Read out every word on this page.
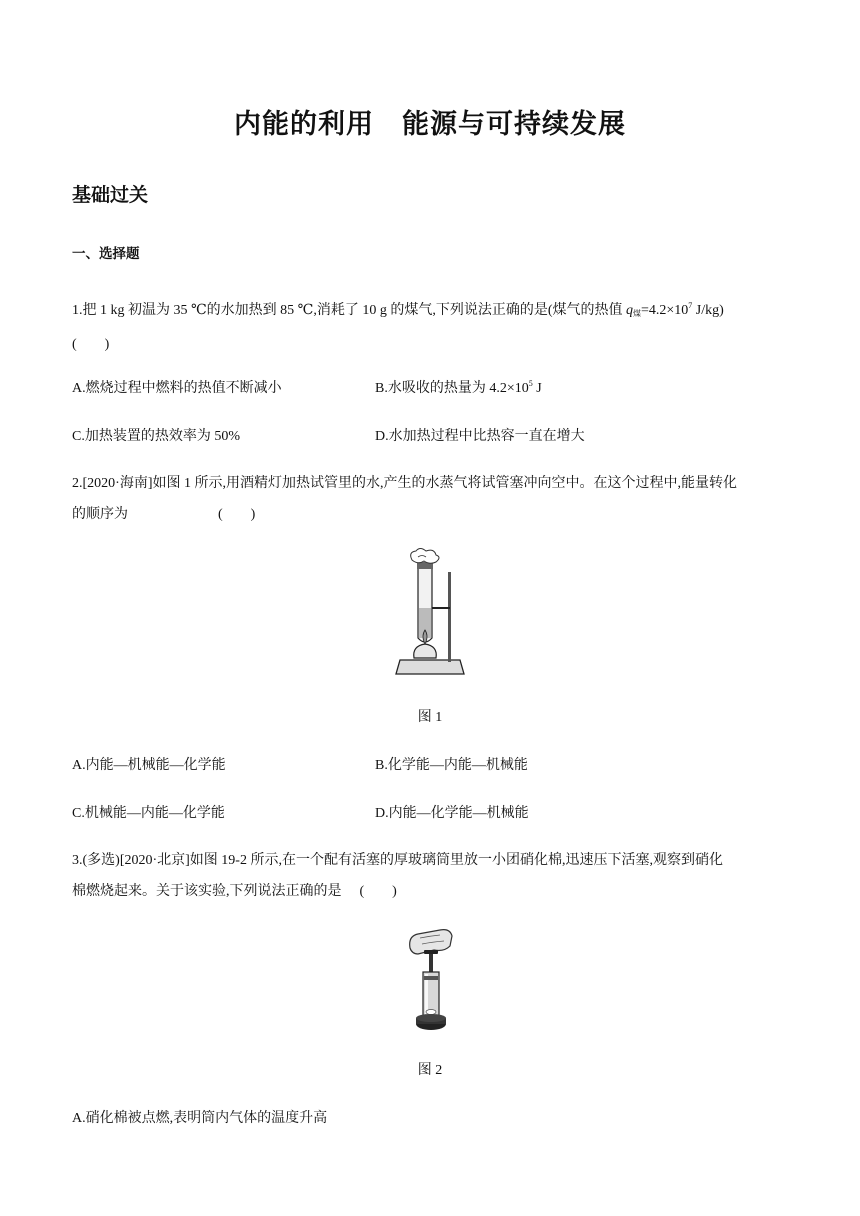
内能的利用　能源与可持续发展
基础过关
一、选择题

1.把 1 kg 初温为 35 ℃的水加热到 85 ℃,消耗了 10 g 的煤气,下列说法正确的是(煤气的热值 $q_煤=4.2\times 10^7$ J/kg)
(　　)

A.燃烧过程中燃料的热值不断减小	B.水吸收的热量为 $4.2\times 10^5$ J

C.加热装置的热效率为 50%	D.水加热过程中比热容一直在增大

2.[2020·海南]如图 1 所示,用酒精灯加热试管里的水,产生的水蒸气将试管塞冲向空中。在这个过程中,能量转化
的顺序为	(　　)

图 1

A.内能—机械能—化学能	B.化学能—内能—机械能

C.机械能—内能—化学能	D.内能—化学能—机械能

3.(多选)[2020·北京]如图 19-2 所示,在一个配有活塞的厚玻璃筒里放一小团硝化棉,迅速压下活塞,观察到硝化
棉燃烧起来。关于该实验,下列说法正确的是 (　　)

图 2

A.硝化棉被点燃,表明筒内气体的温度升高
